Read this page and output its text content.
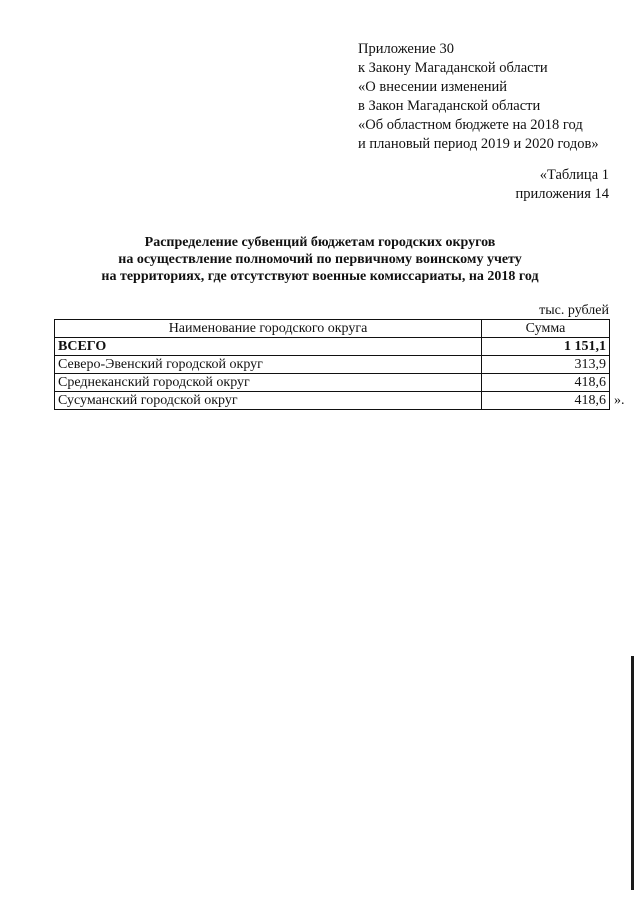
Приложение 30
к Закону Магаданской области
«О внесении изменений
в Закон Магаданской области
«Об областном бюджете на 2018 год
и плановый период 2019 и 2020 годов»
«Таблица 1
приложения 14
Распределение субвенций бюджетам городских округов
на осуществление полномочий по первичному воинскому учету
на территориях, где отсутствуют военные комиссариаты, на 2018 год
тыс. рублей
Наименование городского округа	Сумма
ВСЕГО	1 151,1
Северо-Эвенский городской округ	313,9
Среднеканский городской округ	418,6
Сусуманский городской округ	418,6 ».
